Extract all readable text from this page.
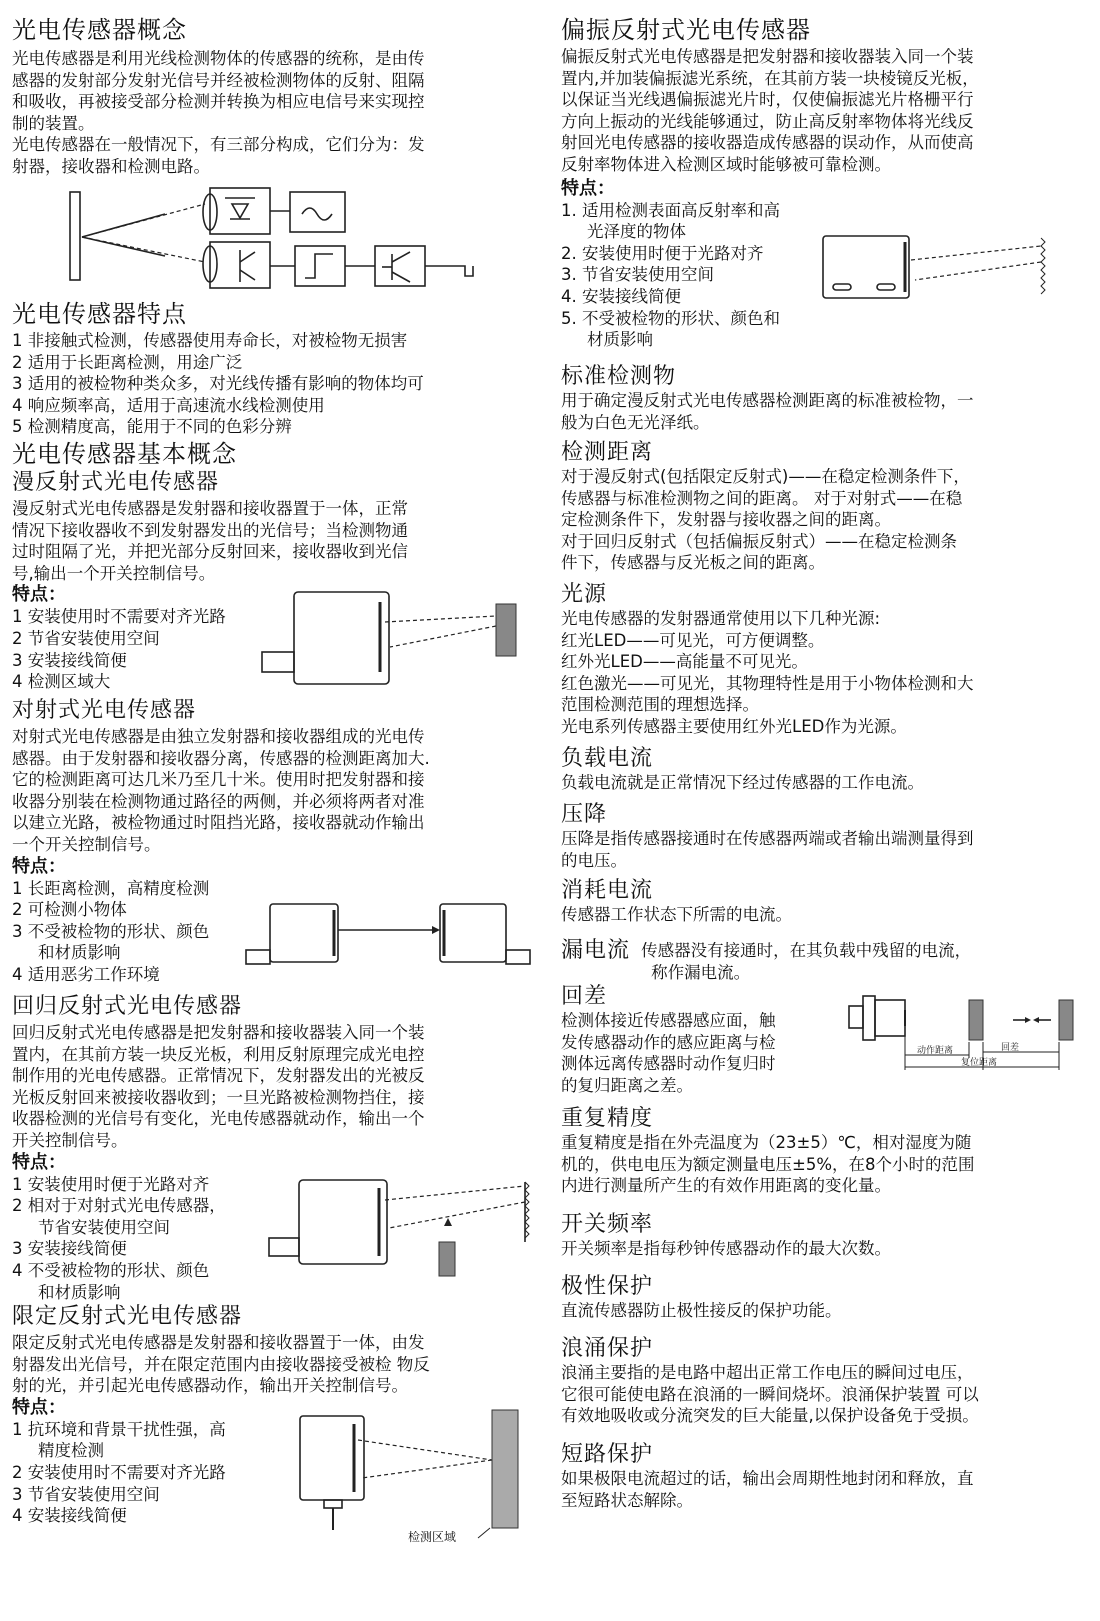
光电传感器概念

光电传感器是利用光线检测物体的传感器的统称，是由传

感器的发射部分发射光信号并经被检测物体的反射、阻隔

和吸收，再被接受部分检测并转换为相应电信号来实现控

制的装置。

光电传感器在一般情况下，有三部分构成，它们分为：发

射器，接收器和检测电路。

光电传感器特点

1 非接触式检测，传感器使用寿命长，对被检物无损害

2 适用于长距离检测，用途广泛

3 适用的被检物种类众多，对光线传播有影响的物体均可

4 响应频率高，适用于高速流水线检测使用

5 检测精度高，能用于不同的色彩分辨

光电传感器基本概念
漫反射式光电传感器

漫反射式光电传感器是发射器和接收器置于一体，正常

情况下接收器收不到发射器发出的光信号；当检测物通

过时阻隔了光，并把光部分反射回来，接收器收到光信

号,输出一个开关控制信号。

特点：

1 安装使用时不需要对齐光路

2 节省安装使用空间

3 安装接线简便

4 检测区域大

对射式光电传感器

对射式光电传感器是由独立发射器和接收器组成的光电传

感器。由于发射器和接收器分离，传感器的检测距离加大.

它的检测距离可达几米乃至几十米。使用时把发射器和接

收器分别装在检测物通过路径的两侧，并必须将两者对准

以建立光路，被检物通过时阻挡光路，接收器就动作输出

一个开关控制信号。

特点：

1 长距离检测，高精度检测

2 可检测小物体

3 不受被检物的形状、颜色

和材质影响

4 适用恶劣工作环境

回归反射式光电传感器

回归反射式光电传感器是把发射器和接收器装入同一个装

置内，在其前方装一块反光板，利用反射原理完成光电控

制作用的光电传感器。正常情况下，发射器发出的光被反

光板反射回来被接收器收到；一旦光路被检测物挡住，接

收器检测的光信号有变化，光电传感器就动作，输出一个

开关控制信号。

特点：

1 安装使用时便于光路对齐

2 相对于对射式光电传感器，

节省安装使用空间

3 安装接线简便

4 不受被检物的形状、颜色

和材质影响

限定反射式光电传感器

限定反射式光电传感器是发射器和接收器置于一体，由发

射器发出光信号，并在限定范围内由接收器接受被检 物反

射的光，并引起光电传感器动作，输出开关控制信号。

特点：

1 抗环境和背景干扰性强，高

精度检测

2 安装使用时不需要对齐光路

3 节省安装使用空间

4 安装接线简便

检测区域
偏振反射式光电传感器

偏振反射式光电传感器是把发射器和接收器装入同一个装

置内,并加装偏振滤光系统，在其前方装一块棱镜反光板，

以保证当光线遇偏振滤光片时，仅使偏振滤光片格栅平行

方向上振动的光线能够通过，防止高反射率物体将光线反

射回光电传感器的接收器造成传感器的误动作，从而使高

反射率物体进入检测区域时能够被可靠检测。

特点：

1. 适用检测表面高反射率和高

光泽度的物体

2. 安装使用时便于光路对齐

3. 节省安装使用空间

4. 安装接线简便

5. 不受被检物的形状、颜色和

材质影响

标准检测物

用于确定漫反射式光电传感器检测距离的标准被检物，一

般为白色无光泽纸。

检测距离

对于漫反射式(包括限定反射式)——在稳定检测条件下，

传感器与标准检测物之间的距离。 对于对射式——在稳

定检测条件下，发射器与接收器之间的距离。

对于回归反射式（包括偏振反射式）——在稳定检测条

件下，传感器与反光板之间的距离。

光源

光电传感器的发射器通常使用以下几种光源:

红光LED——可见光，可方便调整。

红外光LED——高能量不可见光。

红色激光——可见光，其物理特性是用于小物体检测和大

范围检测范围的理想选择。

光电系列传感器主要使用红外光LED作为光源。

负载电流

负载电流就是正常情况下经过传感器的工作电流。

压降

压降是指传感器接通时在传感器两端或者输出端测量得到

的电压。

消耗电流

传感器工作状态下所需的电流。

漏电流 传感器没有接通时，在其负载中残留的电流，

称作漏电流。

回差

检测体接近传感器感应面，触

发传感器动作的感应距离与检

测体远离传感器时动作复归时

的复归距离之差。

动作距离	回差
复位距离
重复精度

重复精度是指在外壳温度为（23±5）℃，相对湿度为随

机的，供电电压为额定测量电压±5%，在8个小时的范围

内进行测量所产生的有效作用距离的变化量。

开关频率

开关频率是指每秒钟传感器动作的最大次数。

极性保护

直流传感器防止极性接反的保护功能。

浪涌保护

浪涌主要指的是电路中超出正常工作电压的瞬间过电压，

它很可能使电路在浪涌的一瞬间烧坏。浪涌保护装置 可以

有效地吸收或分流突发的巨大能量,以保护设备免于受损。

短路保护

如果极限电流超过的话，输出会周期性地封闭和释放，直

至短路状态解除。
